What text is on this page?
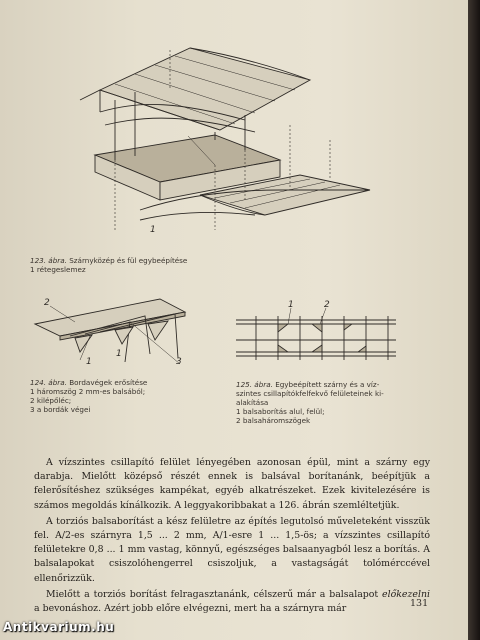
1
123. ábra. Szárnyközép és fül egybeépítése
1 rétegeslemez
2
1
1
3
124. ábra. Bordavégek erősítése
1 háromszög 2 mm-es balsából;
2 kilépőléc;
3 a bordák végei
1	2
125. ábra. Egybeépített szárny és a víz-
szintes csillapítókfelfekvő felületeinek ki-
alakítása
1 balsaborítás alul, felül;
2 balsaháromszögek

A vízszintes csillapító felület lényegében azonosan épül, mint a szárny egy darabja. Mielőtt középső részét ennek is balsával borítanánk, beépítjük a felerősítéshez szükséges kampékat, egyéb alkatrészeket. Ezek kivitelezésére is számos megoldás kínálkozik. A leggyakoribbakat a 126. ábrán szemléltetjük.

A torziós balsaborítást a kész felületre az építés legutolsó műveleteként visszük fel. A/2-es szárnyra 1,5 ... 2 mm, A/1-esre 1 ... 1,5-ös; a vízszintes csillapító felületekre 0,8 ... 1 mm vastag, könnyű, egészséges balsaanyagból lesz a borítás. A balsalapokat csiszolóhengerrel csiszoljuk, a vastagságát tolómérccével ellenőrizzük.

Mielőtt a torziós borítást felragasztanánk, célszerű már a balsalapot előkezelni a bevonáshoz. Azért jobb előre elvégezni, mert ha a szárnyra már	131
Antikvarium.hu
